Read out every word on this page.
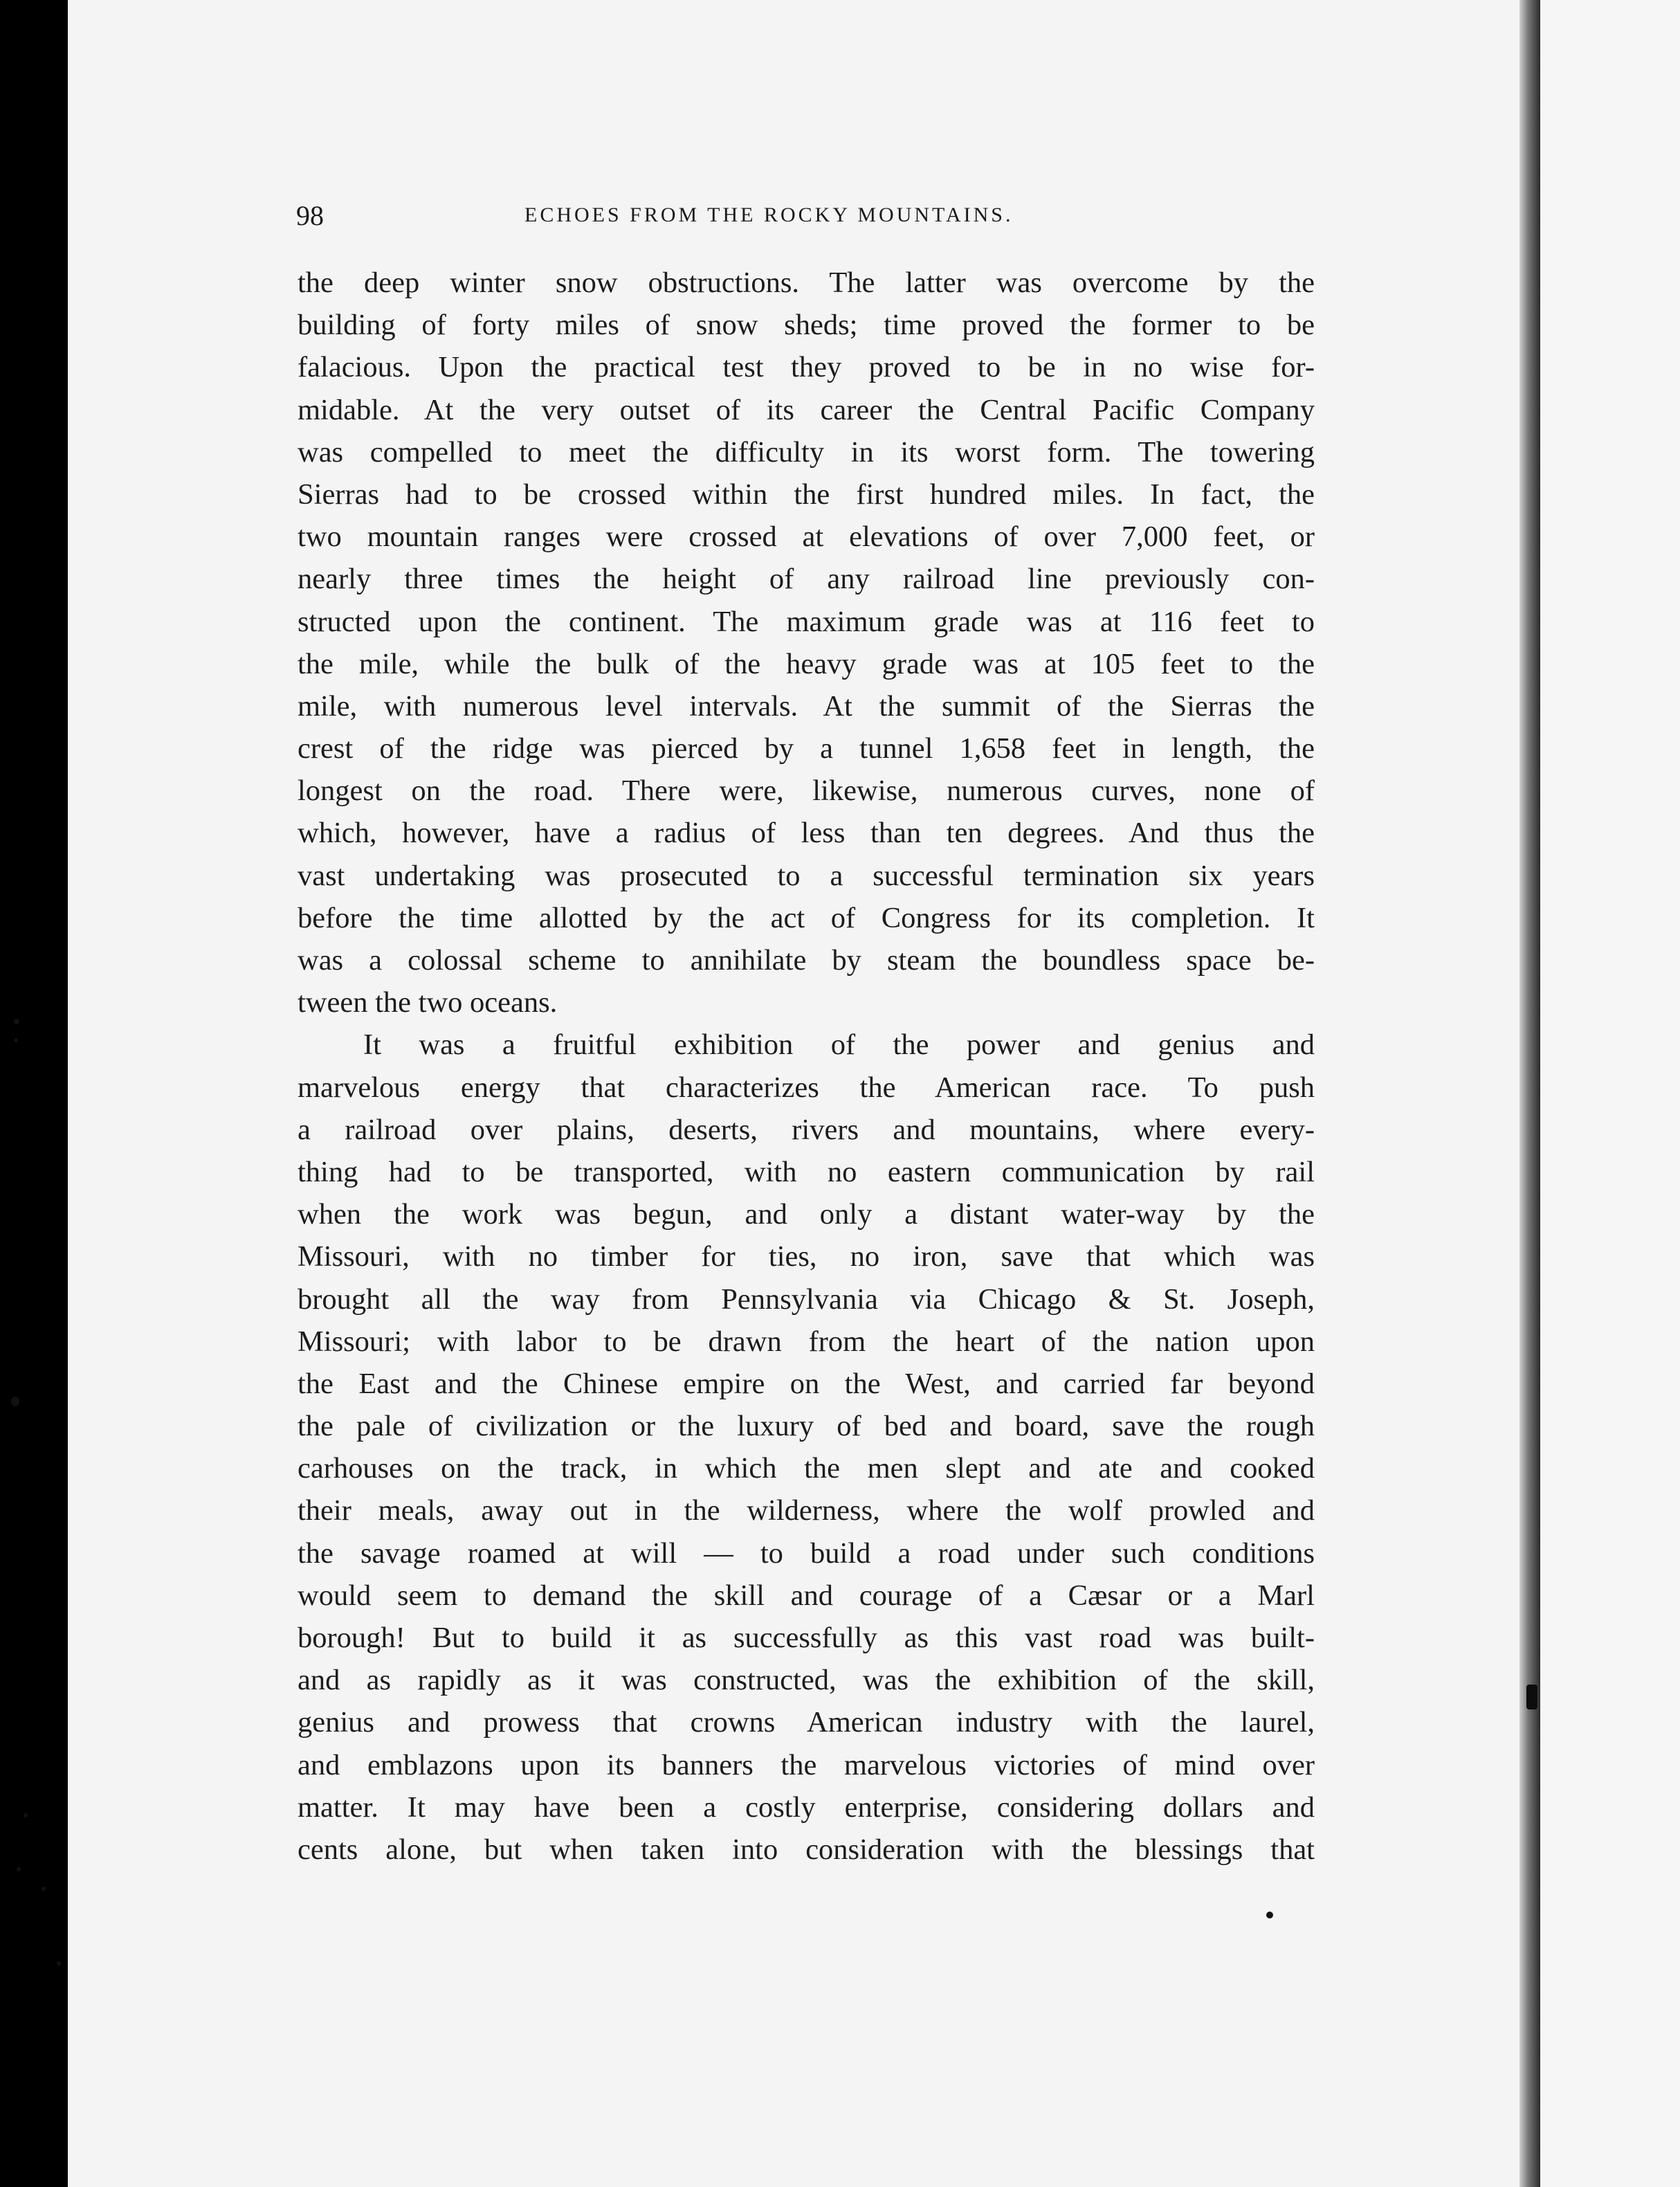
98	ECHOES FROM THE ROCKY MOUNTAINS.
the deep winter snow obstructions. The latter was overcome by the
building of forty miles of snow sheds; time proved the former to be
falacious. Upon the practical test they proved to be in no wise for-
midable. At the very outset of its career the Central Pacific Company
was compelled to meet the difficulty in its worst form. The towering
Sierras had to be crossed within the first hundred miles. In fact, the
two mountain ranges were crossed at elevations of over 7,000 feet, or
nearly three times the height of any railroad line previously con-
structed upon the continent. The maximum grade was at 116 feet to
the mile, while the bulk of the heavy grade was at 105 feet to the
mile, with numerous level intervals. At the summit of the Sierras the
crest of the ridge was pierced by a tunnel 1,658 feet in length, the
longest on the road. There were, likewise, numerous curves, none of
which, however, have a radius of less than ten degrees. And thus the
vast undertaking was prosecuted to a successful termination six years
before the time allotted by the act of Congress for its completion. It
was a colossal scheme to annihilate by steam the boundless space be-
tween the two oceans.
It was a fruitful exhibition of the power and genius and
marvelous energy that characterizes the American race. To push
a railroad over plains, deserts, rivers and mountains, where every-
thing had to be transported, with no eastern communication by rail
when the work was begun, and only a distant water-way by the
Missouri, with no timber for ties, no iron, save that which was
brought all the way from Pennsylvania via Chicago & St. Joseph,
Missouri; with labor to be drawn from the heart of the nation upon
the East and the Chinese empire on the West, and carried far beyond
the pale of civilization or the luxury of bed and board, save the rough
carhouses on the track, in which the men slept and ate and cooked
their meals, away out in the wilderness, where the wolf prowled and
the savage roamed at will — to build a road under such conditions
would seem to demand the skill and courage of a Cæsar or a Marl
borough! But to build it as successfully as this vast road was built-
and as rapidly as it was constructed, was the exhibition of the skill,
genius and prowess that crowns American industry with the laurel,
and emblazons upon its banners the marvelous victories of mind over
matter. It may have been a costly enterprise, considering dollars and
cents alone, but when taken into consideration with the blessings that
